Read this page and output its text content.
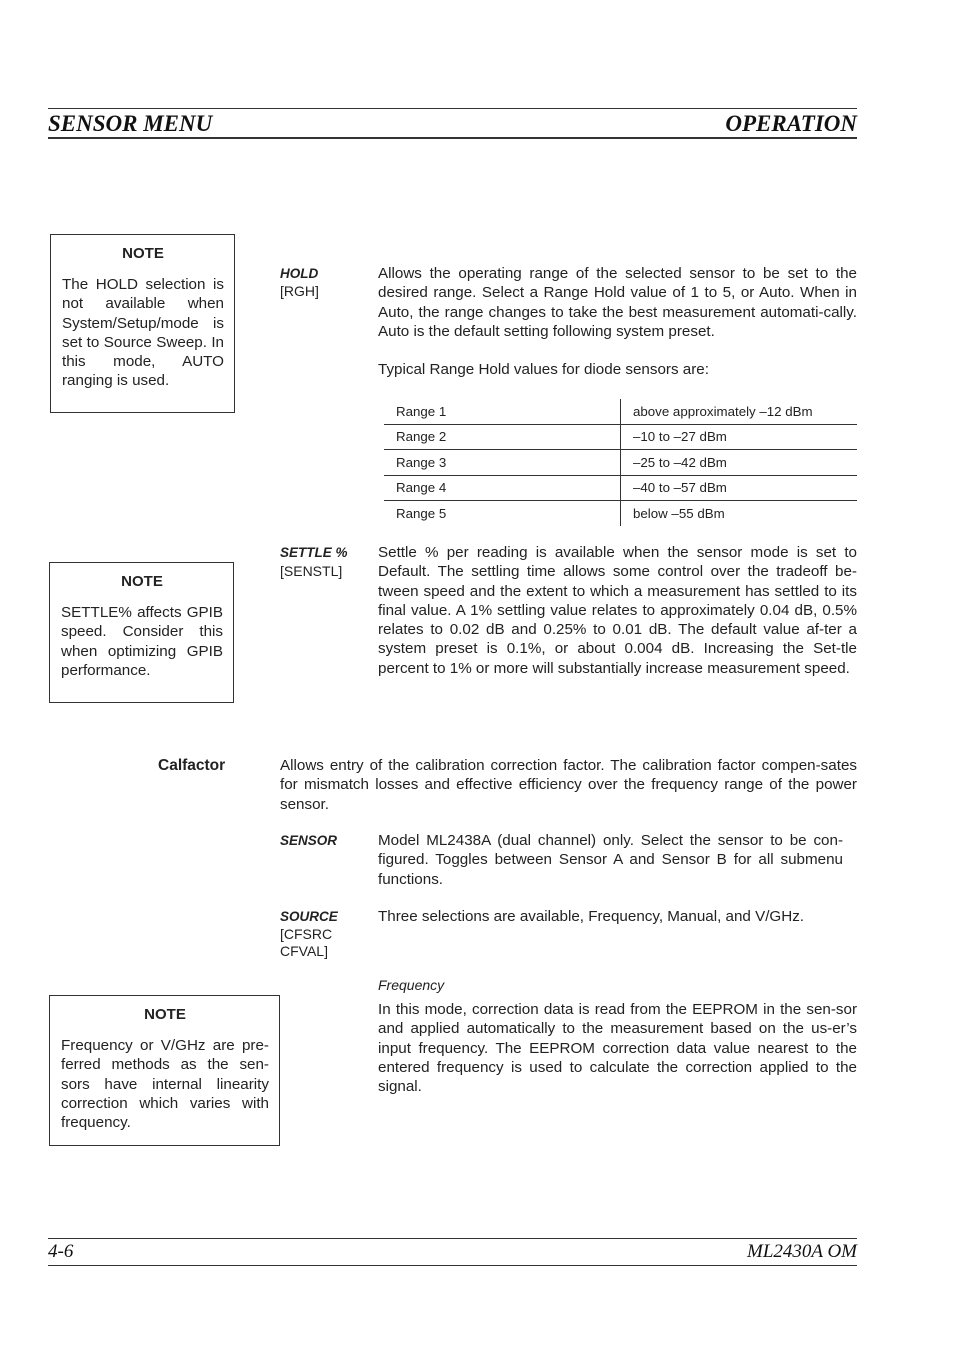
SENSOR MENU	OPERATION
NOTE
The HOLD selection is not available when System/Setup/mode is set to Source Sweep. In this mode, AUTO ranging is used.
HOLD
[RGH]
Allows the operating range of the selected sensor to be set to the desired range. Select a Range Hold value of 1 to 5, or Auto. When in Auto, the range changes to take the best measurement automati-cally. Auto is the default setting following system preset.
Typical Range Hold values for diode sensors are:
Range 1	above approximately –12 dBm
Range 2	–10 to –27 dBm
Range 3	–25 to –42 dBm
Range 4	–40 to –57 dBm
Range 5	below –55 dBm
NOTE
SETTLE% affects GPIB speed. Consider this when optimizing GPIB performance.
SETTLE %
[SENSTL]
Settle % per reading is available when the sensor mode is set to Default. The settling time allows some control over the tradeoff be-tween speed and the extent to which a measurement has settled to its final value. A 1% settling value relates to approximately 0.04 dB, 0.5% relates to 0.02 dB and 0.25% to 0.01 dB. The default value af-ter a system preset is 0.1%, or about 0.004 dB. Increasing the Set-tle percent to 1% or more will substantially increase measurement speed.
Calfactor	Allows entry of the calibration correction factor. The calibration factor compen-sates for mismatch losses and effective efficiency over the frequency range of the power sensor.
SENSOR	Model ML2438A (dual channel) only. Select the sensor to be con-figured. Toggles between Sensor A and Sensor B for all submenu functions.
SOURCE
[CFSRC
CFVAL]
Three selections are available, Frequency, Manual, and V/GHz.
Frequency
In this mode, correction data is read from the EEPROM in the sen-sor and applied automatically to the measurement based on the us-er’s input frequency. The EEPROM correction data value nearest to the entered frequency is used to calculate the correction applied to the signal.
NOTE
Frequency or V/GHz are pre-ferred methods as the sen-sors have internal linearity correction which varies with frequency.
4-6	ML2430A OM
